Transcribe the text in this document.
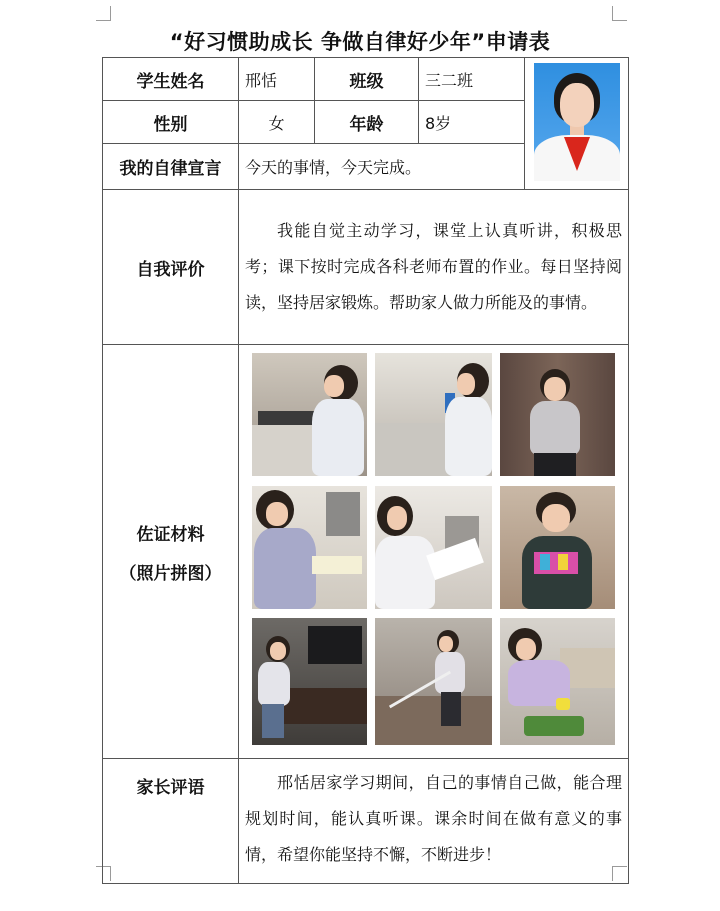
“好习惯助成长 争做自律好少年”申请表
学生姓名	邢恬	班级	三二班	

性别	女	年龄	8岁	
我的自律宣言	今天的事情，今天完成。			
自我评价	我能自觉主动学习，课堂上认真听讲，积极思考；课下按时完成各科老师布置的作业。每日坚持阅读，坚持居家锻炼。帮助家人做力所能及的事情。			
佐证材料
（照片拼图）				

家长评语	邢恬居家学习期间，自己的事情自己做，能合理规划时间，能认真听课。课余时间在做有意义的事情，希望你能坚持不懈，不断进步！			
